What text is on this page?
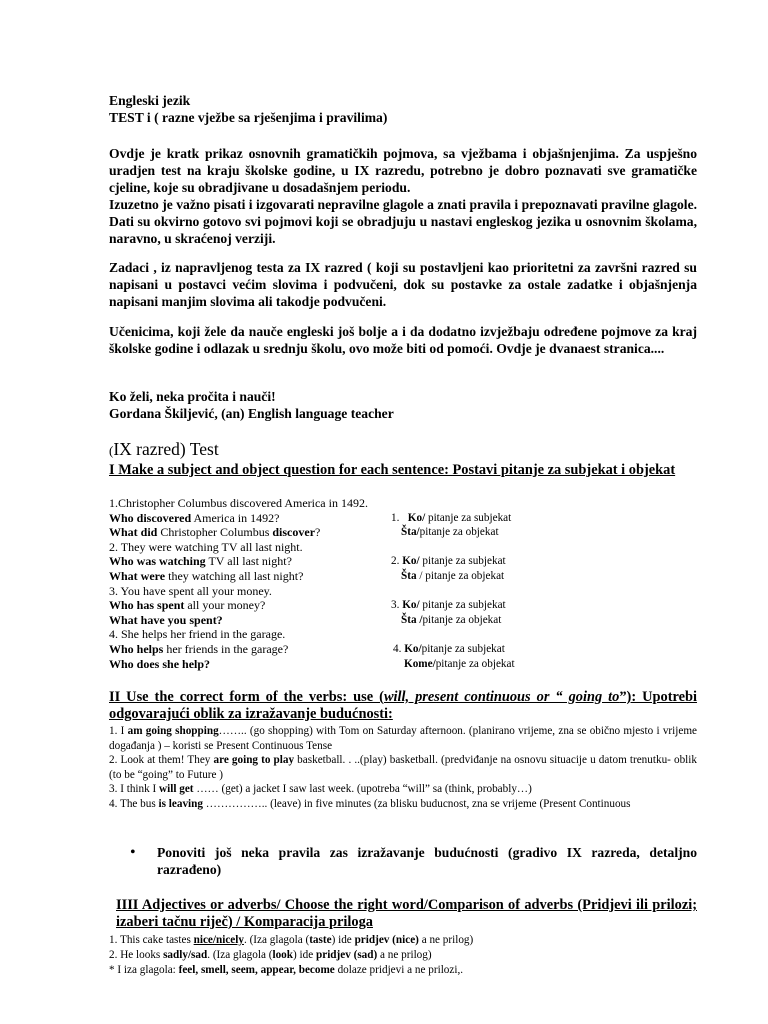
Engleski jezik
TEST i ( razne vježbe sa rješenjima i pravilima)
Ovdje je kratk prikaz osnovnih gramatičkih pojmova, sa vježbama i objašnjenjima. Za uspješno uradjen test na kraju školske godine, u IX razredu, potrebno je dobro poznavati sve gramatičke cjeline, koje su obradjivane u dosadašnjem periodu.
Izuzetno je važno pisati i izgovarati nepravilne glagole a znati pravila i prepoznavati pravilne glagole. Dati su okvirno gotovo svi pojmovi koji se obradjuju u nastavi engleskog jezika u osnovnim školama, naravno, u skraćenoj verziji.
Zadaci , iz napravljenog testa za IX razred ( koji su postavljeni kao prioritetni za završni razred su napisani u postavci većim slovima i podvučeni, dok su postavke za ostale zadatke i objašnjenja napisani manjim slovima ali takodje podvučeni.
Učenicima, koji žele da nauče engleski još bolje a i da dodatno izvježbaju određene pojmove za kraj školske godine i odlazak u srednju školu, ovo može biti od pomoći. Ovdje je dvanaest stranica....
Ko želi, neka pročita i nauči!
Gordana Škiljević, (an) English language teacher
(IX razred) Test
I Make a subject and object question for each sentence: Postavi pitanje za subjekat i objekat
1.Christopher Columbus discovered America in 1492.
Who discovered America in 1492?	1.   Ko/ pitanje za subjekat
What did Christopher Columbus discover?	Šta/pitanje za objekat
2. They were watching TV all last night.
Who was watching TV all last night?	2. Ko/ pitanje za subjekat
What were they watching all last night?	Šta / pitanje za objekat
3. You have spent all your money.
Who has spent all your money?	3. Ko/ pitanje za subjekat
What have you spent?	Šta /pitanje za objekat
4. She helps her friend in the garage.
Who helps her friends in the garage?	4. Ko/pitanje za subjekat
Who does she help?	Kome/pitanje za objekat
II Use the correct form of the verbs: use (will, present continuous or “ going to”): Upotrebi odgovarajući oblik za izražavanje budućnosti:
1. I am going shopping…….. (go shopping) with Tom on Saturday afternoon. (planirano vrijeme, zna se obično mjesto i vrijeme događanja ) – koristi se Present Continuous Tense
2. Look at them! They are going to play basketball. . ..(play) basketball. (predviđanje na osnovu situacije u datom trenutku- oblik (to be “going” to Future )
3. I think I will get …… (get) a jacket I saw last week. (upotreba “will” sa (think, probably…)
4. The bus is leaving …………….. (leave) in five minutes (za blisku buducnost, zna se vrijeme (Present Continuous
• Ponoviti još neka pravila zas izražavanje budućnosti (gradivo IX razreda, detaljno razrađeno)
IIII Adjectives or adverbs/ Choose the right word/Comparison of adverbs (Pridjevi ili prilozi; izaberi tačnu riječ) / Komparacija priloga
1. This cake tastes nice/nicely. (Iza glagola (taste) ide pridjev (nice) a ne prilog)
2. He looks sadly/sad. (Iza glagola (look) ide pridjev (sad) a ne prilog)
* I iza glagola: feel, smell, seem, appear, become dolaze pridjevi a ne prilozi,.
